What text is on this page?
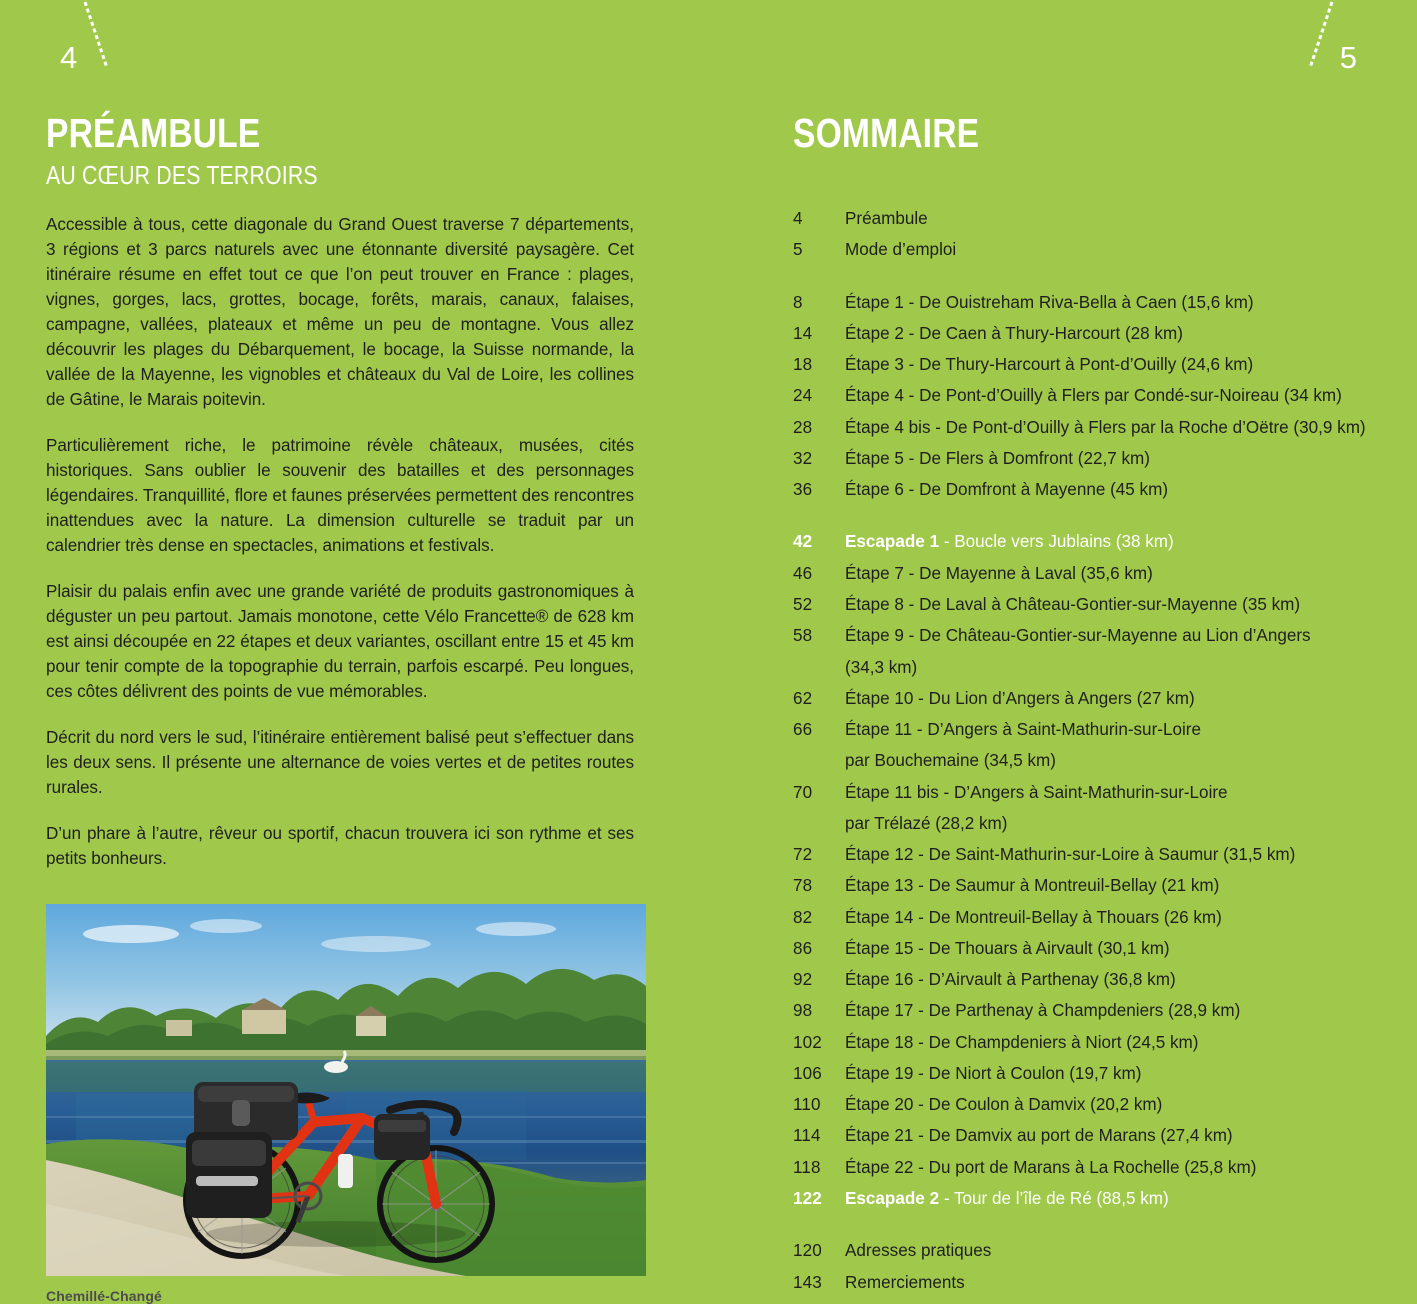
4	5
PRÉAMBULE
AU CŒUR DES TERROIRS

Accessible à tous, cette diagonale du Grand Ouest traverse 7 départements, 3 régions et 3 parcs naturels avec une étonnante diversité paysagère. Cet itinéraire résume en effet tout ce que l’on peut trouver en France : plages, vignes, gorges, lacs, grottes, bocage, forêts, marais, canaux, falaises, campagne, vallées, plateaux et même un peu de montagne. Vous allez découvrir les plages du Débarquement, le bocage, la Suisse normande, la vallée de la Mayenne, les vignobles et châteaux du Val de Loire, les collines de Gâtine, le Marais poitevin.

Particulièrement riche, le patrimoine révèle châteaux, musées, cités historiques. Sans oublier le souvenir des batailles et des personnages légendaires. Tranquillité, flore et faunes préservées permettent des rencontres inattendues avec la nature. La dimension culturelle se traduit par un calendrier très dense en spectacles, animations et festivals.

Plaisir du palais enfin avec une grande variété de produits gastronomiques à déguster un peu partout. Jamais monotone, cette Vélo Francette® de 628 km est ainsi découpée en 22 étapes et deux variantes, oscillant entre 15 et 45 km pour tenir compte de la topographie du terrain, parfois escarpé. Peu longues, ces côtes délivrent des points de vue mémorables.

Décrit du nord vers le sud, l’itinéraire entièrement balisé peut s’effectuer dans les deux sens. Il présente une alternance de voies vertes et de petites routes rurales.

D’un phare à l’autre, rêveur ou sportif, chacun trouvera ici son rythme et ses petits bonheurs.

Chemillé-Changé
SOMMAIRE
4	Préambule
5	Mode d’emploi
8	Étape 1 - De Ouistreham Riva-Bella à Caen (15,6 km)
14	Étape 2 - De Caen à Thury-Harcourt (28 km)
18	Étape 3 - De Thury-Harcourt à Pont-d’Ouilly (24,6 km)
24	Étape 4 - De Pont-d’Ouilly à Flers par Condé-sur-Noireau (34 km)
28	Étape 4 bis - De Pont-d’Ouilly à Flers par la Roche d’Oëtre (30,9 km)
32	Étape 5 - De Flers à Domfront (22,7 km)
36	Étape 6 - De Domfront à Mayenne (45 km)
42	Escapade 1 - Boucle vers Jublains (38 km)
46	Étape 7 - De Mayenne à Laval (35,6 km)
52	Étape 8 - De Laval à Château-Gontier-sur-Mayenne (35 km)
58	Étape 9 - De Château-Gontier-sur-Mayenne au Lion d’Angers
(34,3 km)
62	Étape 10 - Du Lion d’Angers à Angers (27 km)
66	Étape 11 - D’Angers à Saint-Mathurin-sur-Loire
par Bouchemaine (34,5 km)
70	Étape 11 bis - D’Angers à Saint-Mathurin-sur-Loire
par Trélazé (28,2 km)
72	Étape 12 - De Saint-Mathurin-sur-Loire à Saumur (31,5 km)
78	Étape 13 - De Saumur à Montreuil-Bellay (21 km)
82	Étape 14 - De Montreuil-Bellay à Thouars (26 km)
86	Étape 15 - De Thouars à Airvault (30,1 km)
92	Étape 16 - D’Airvault à Parthenay (36,8 km)
98	Étape 17 - De Parthenay à Champdeniers (28,9 km)
102	Étape 18 - De Champdeniers à Niort (24,5 km)
106	Étape 19 - De Niort à Coulon (19,7 km)
110	Étape 20 - De Coulon à Damvix (20,2 km)
114	Étape 21 - De Damvix au port de Marans (27,4 km)
118	Étape 22 - Du port de Marans à La Rochelle (25,8 km)
122	Escapade 2 - Tour de l’île de Ré (88,5 km)
120	Adresses pratiques
143	Remerciements
